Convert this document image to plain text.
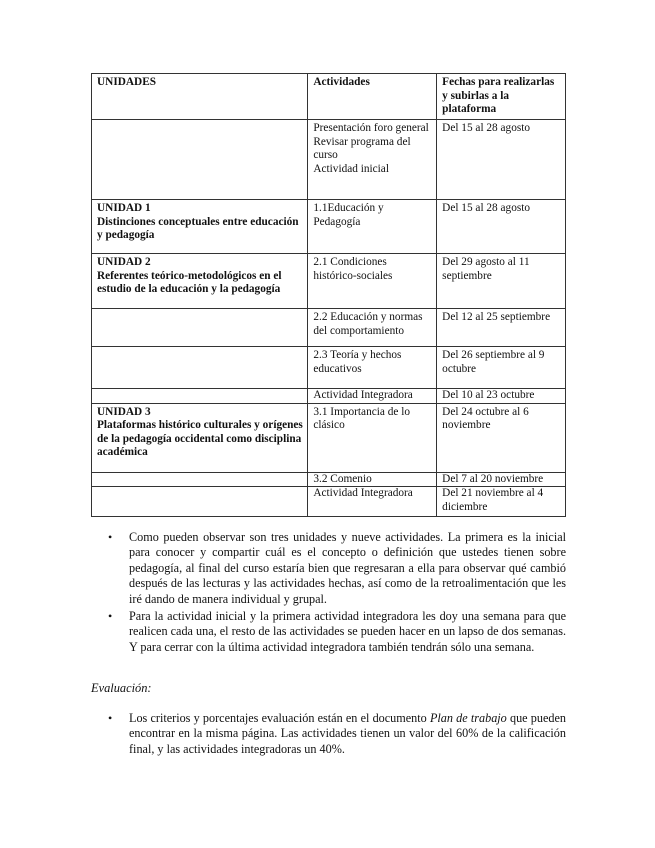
UNIDADES	Actividades	Fechas para realizarlas y subirlas a la plataforma

	Presentación foro general
Revisar programa del curso
Actividad inicial	Del 15 al 28 agosto
UNIDAD 1
Distinciones conceptuales entre educación y pedagogía	1.1Educación y Pedagogía	Del 15 al 28 agosto
UNIDAD 2
Referentes teórico-metodológicos en el estudio de la educación y la pedagogía	2.1 Condiciones histórico-sociales	Del 29 agosto al 11 septiembre
	2.2 Educación y normas del comportamiento	Del 12 al 25 septiembre
	2.3 Teoría y hechos educativos	Del 26 septiembre al 9 octubre
	Actividad Integradora	Del 10 al 23 octubre
UNIDAD 3
Plataformas histórico culturales y orígenes de la pedagogía occidental como disciplina académica	3.1 Importancia de lo clásico	Del 24 octubre al 6 noviembre
	3.2 Comenio	Del 7 al 20 noviembre
	Actividad Integradora	Del 21 noviembre al 4 diciembre
• Como pueden observar son tres unidades y nueve actividades. La primera es la inicial para conocer y compartir cuál es el concepto o definición que ustedes tienen sobre pedagogía, al final del curso estaría bien que regresaran a ella para observar qué cambió después de las lecturas y las actividades hechas, así como de la retroalimentación que les iré dando de manera individual y grupal.
• Para la actividad inicial y la primera actividad integradora les doy una semana para que realicen cada una, el resto de las actividades se pueden hacer en un lapso de dos semanas. Y para cerrar con la última actividad integradora también tendrán sólo una semana.
Evaluación:
• Los criterios y porcentajes evaluación están en el documento Plan de trabajo que pueden encontrar en la misma página. Las actividades tienen un valor del 60% de la calificación final, y las actividades integradoras un 40%.
